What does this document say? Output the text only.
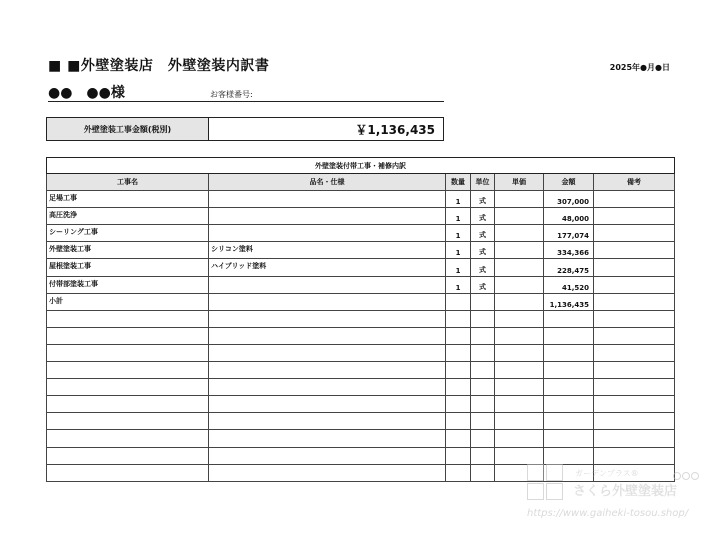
■ ■外壁塗装店　外壁塗装内訳書	2025年●月●日
●●　●●様	お客様番号:
外壁塗装工事金額(税別)	￥1,136,435
外壁塗装付帯工事・補修内訳						
工事名	品名・仕様	数量	単位	単価	金額	備考
足場工事		1	式		307,000	
高圧洗浄		1	式		48,000	
シーリング工事		1	式		177,074	
外壁塗装工事	シリコン塗料	1	式		334,366	
屋根塗装工事	ハイブリッド塗料	1	式		228,475	
付帯部塗装工事		1	式		41,520	
小計					1,136,435	

ガーデンプラス®
さくら外壁塗装店
https://www.gaiheki-tosou.shop/
